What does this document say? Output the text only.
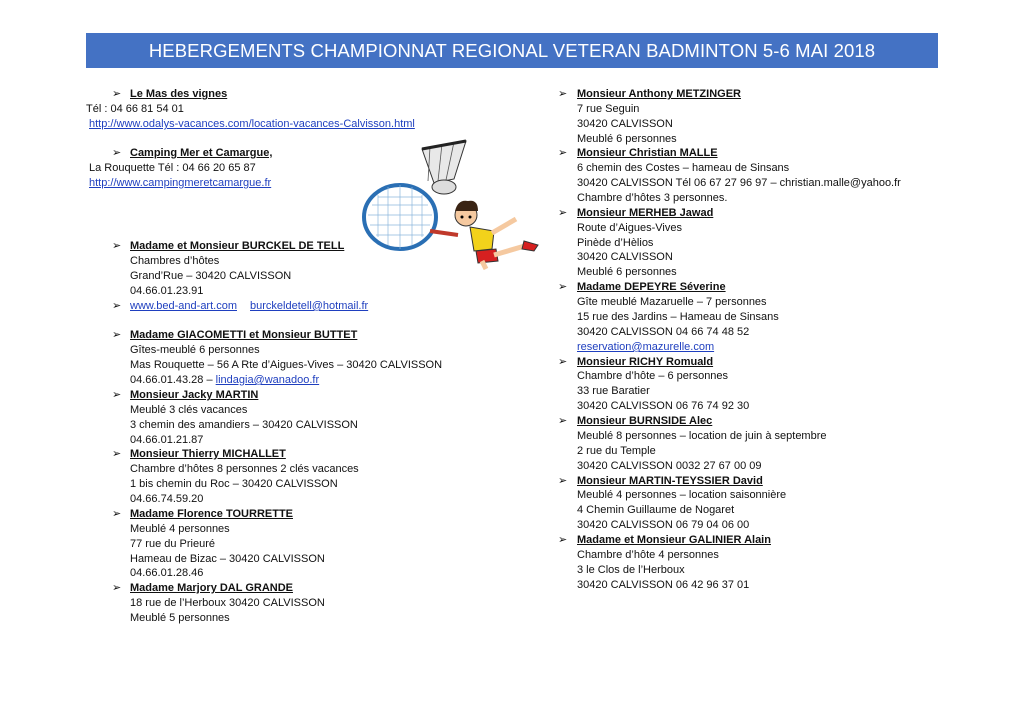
HEBERGEMENTS CHAMPIONNAT REGIONAL VETERAN BADMINTON 5-6 MAI 2018
➢ Le Mas des vignes
Tél : 04 66 81 54 01
http://www.odalys-vacances.com/location-vacances-Calvisson.html
➢ Camping Mer et Camargue,
La Rouquette Tél : 04 66 20 65 87
http://www.campingmeretcamargue.fr
➢ Madame et Monsieur BURCKEL DE TELL
Chambres d’hôtes
Grand’Rue – 30420 CALVISSON
04.66.01.23.91
➢ www.bed-and-art.com burckeldetell@hotmail.fr
➢ Madame GIACOMETTI et Monsieur BUTTET
Gîtes-meublé 6 personnes
Mas Rouquette – 56 A Rte d’Aigues-Vives – 30420 CALVISSON
04.66.01.43.28 – lindagia@wanadoo.fr
➢ Monsieur Jacky MARTIN
Meublé 3 clés vacances
3 chemin des amandiers – 30420 CALVISSON
04.66.01.21.87
➢ Monsieur Thierry MICHALLET
Chambre d’hôtes 8 personnes 2 clés vacances
1 bis chemin du Roc – 30420 CALVISSON
04.66.74.59.20
➢ Madame Florence TOURRETTE
Meublé 4 personnes
77 rue du Prieuré
Hameau de Bizac – 30420 CALVISSON
04.66.01.28.46
➢ Madame Marjory DAL GRANDE
18 rue de l’Herboux 30420 CALVISSON
Meublé 5 personnes
➢ Monsieur Anthony METZINGER
7 rue Seguin
30420 CALVISSON
Meublé 6 personnes
➢ Monsieur Christian MALLE
6 chemin des Costes – hameau de Sinsans
30420 CALVISSON Tél 06 67 27 96 97 – christian.malle@yahoo.fr
Chambre d’hôtes 3 personnes.
➢ Monsieur MERHEB Jawad
Route d’Aigues-Vives
Pinède d’Hèlios
30420 CALVISSON
Meublé 6 personnes
➢ Madame DEPEYRE Séverine
Gîte meublé Mazaruelle – 7 personnes
15 rue des Jardins – Hameau de Sinsans
30420 CALVISSON 04 66 74 48 52
reservation@mazurelle.com
➢ Monsieur RICHY Romuald
Chambre d’hôte – 6 personnes
33 rue Baratier
30420 CALVISSON 06 76 74 92 30
➢ Monsieur BURNSIDE Alec
Meublé 8 personnes – location de juin à septembre
2 rue du Temple
30420 CALVISSON 0032 27 67 00 09
➢ Monsieur MARTIN-TEYSSIER David
Meublé 4 personnes – location saisonnière
4 Chemin Guillaume de Nogaret
30420 CALVISSON 06 79 04 06 00
➢ Madame et Monsieur GALINIER Alain
Chambre d’hôte 4 personnes
3 le Clos de l’Herboux
30420 CALVISSON 06 42 96 37 01
